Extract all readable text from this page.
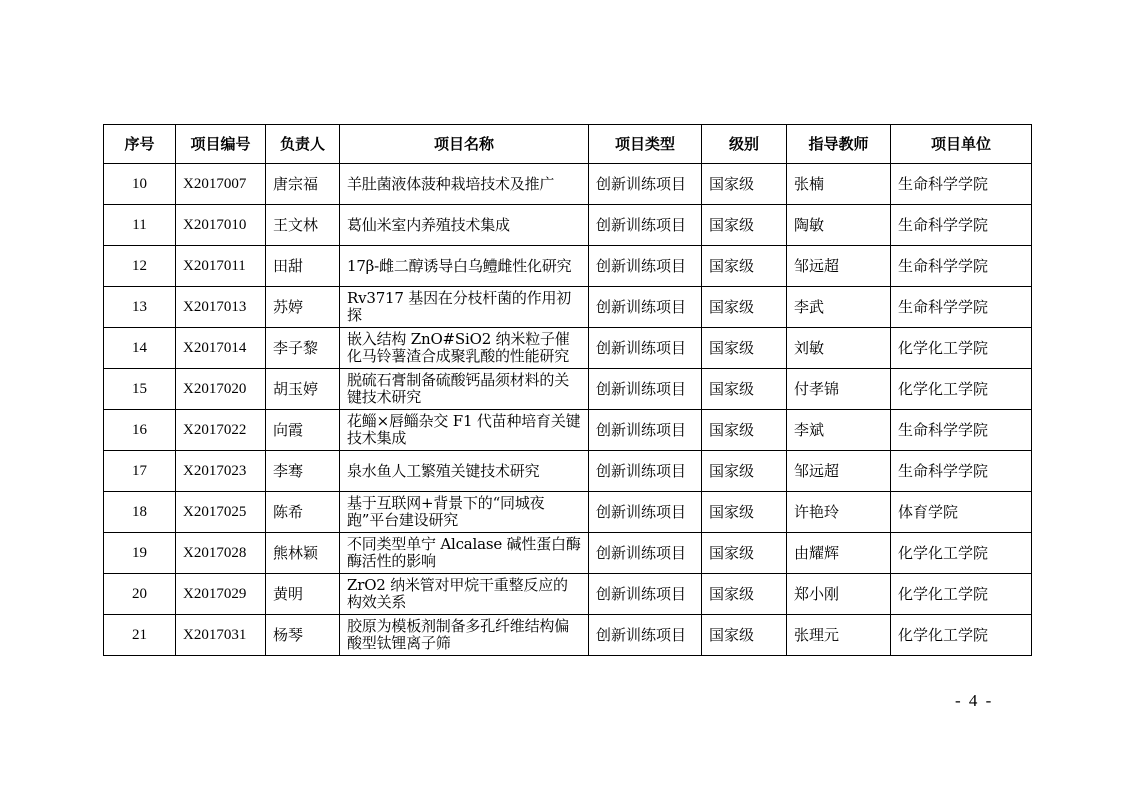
序号	项目编号	负责人	项目名称	项目类型	级别	指导教师	项目单位
10	X2017007	唐宗福	羊肚菌液体菠种栽培技术及推广	创新训练项目	国家级	张楠	生命科学学院
11	X2017010	王文林	葛仙米室内养殖技术集成	创新训练项目	国家级	陶敏	生命科学学院
12	X2017011	田甜	17β-雌二醇诱导白乌鳢雌性化研究	创新训练项目	国家级	邹远超	生命科学学院
13	X2017013	苏婷	Rv3717 基因在分枝杆菌的作用初探	创新训练项目	国家级	李武	生命科学学院
14	X2017014	李子黎	嵌入结构 ZnO#SiO2 纳米粒子催化马铃薯渣合成聚乳酸的性能研究	创新训练项目	国家级	刘敏	化学化工学院
15	X2017020	胡玉婷	脱硫石膏制备硫酸钙晶须材料的关键技术研究	创新训练项目	国家级	付孝锦	化学化工学院
16	X2017022	向霞	花鲻×唇鲻杂交 F1 代苗种培育关键技术集成	创新训练项目	国家级	李斌	生命科学学院
17	X2017023	李骞	泉水鱼人工繁殖关键技术研究	创新训练项目	国家级	邹远超	生命科学学院
18	X2017025	陈希	基于互联网+背景下的“同城夜跑”平台建设研究	创新训练项目	国家级	许艳玲	体育学院
19	X2017028	熊林颖	不同类型单宁 Alcalase 碱性蛋白酶酶活性的影响	创新训练项目	国家级	由耀辉	化学化工学院
20	X2017029	黄明	ZrO2 纳米管对甲烷干重整反应的构效关系	创新训练项目	国家级	郑小刚	化学化工学院
21	X2017031	杨琴	胶原为模板剂制备多孔纤维结构偏酸型钛锂离子筛	创新训练项目	国家级	张理元	化学化工学院
- 4 -
